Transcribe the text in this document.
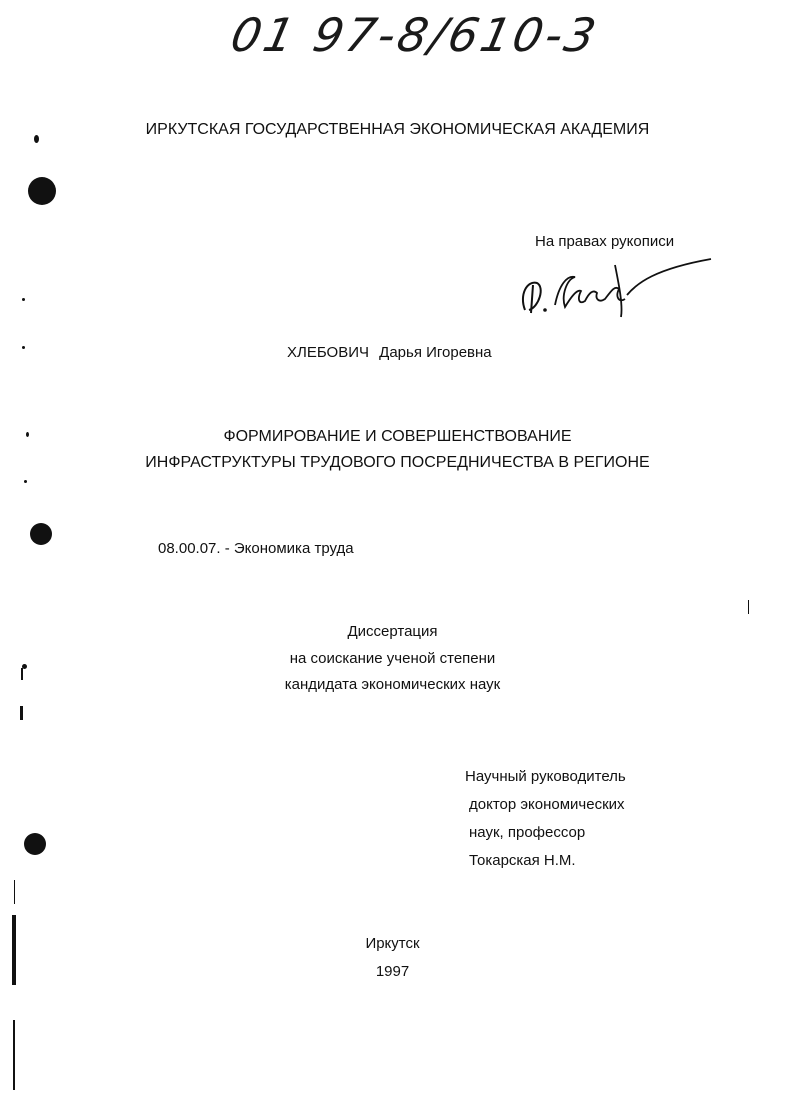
01 97-8/610-3
ИРКУТСКАЯ ГОСУДАРСТВЕННАЯ ЭКОНОМИЧЕСКАЯ АКАДЕМИЯ
На правах рукописи
ХЛЕБОВИЧ Дарья Игоревна
ФОРМИРОВАНИЕ И СОВЕРШЕНСТВОВАНИЕ
ИНФРАСТРУКТУРЫ ТРУДОВОГО ПОСРЕДНИЧЕСТВА В РЕГИОНЕ
08.00.07. - Экономика труда
Диссертация
на соискание ученой степени
кандидата экономических наук
Научный руководитель
доктор экономических
наук, профессор
Токарская Н.М.
Иркутск
1997
